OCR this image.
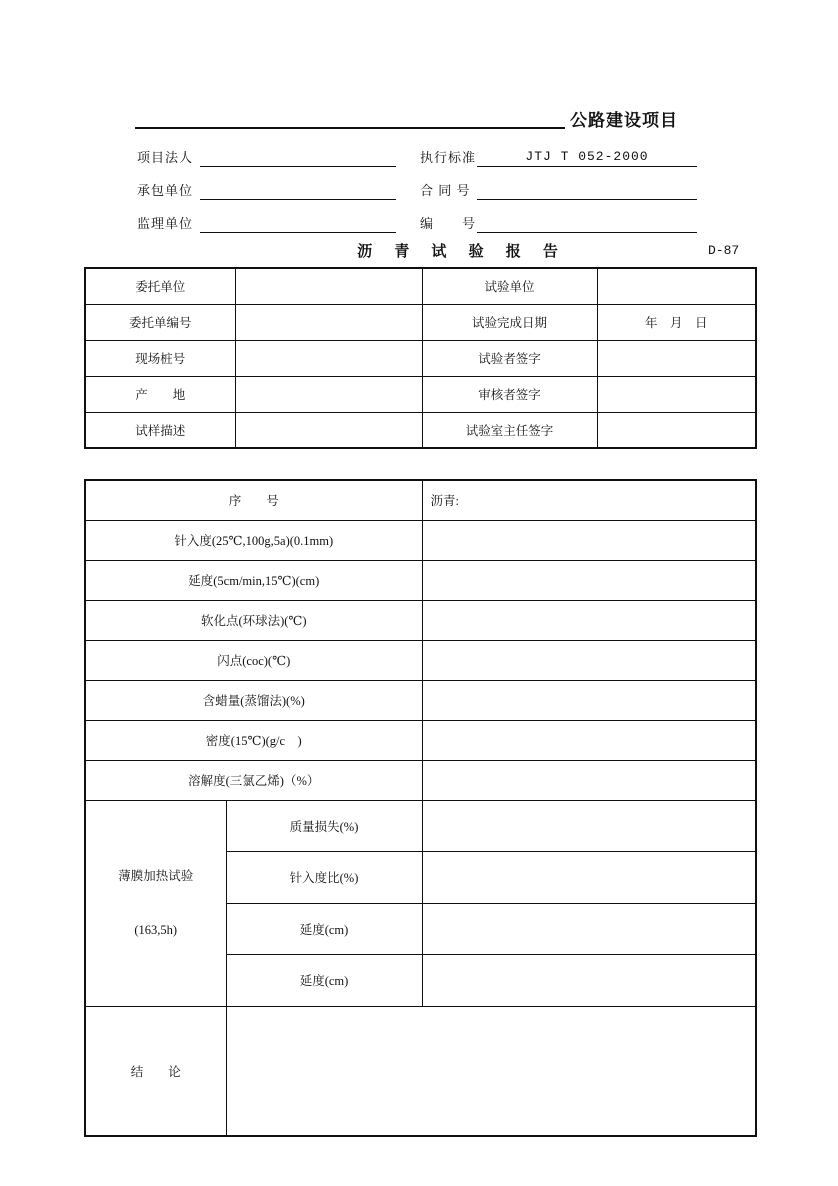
公路建设项目
项目法人	执行标准	JTJ T 052-2000
承包单位	合 同 号
监理单位	编　　号
沥 青 试 验 报 告	D-87
委托单位		试验单位	
委托单编号		试验完成日期	年　月　日
现场桩号		试验者签字	
产　　地		审核者签字	
试样描述		试验室主任签字	
序　　号		沥青:
针入度(25℃,100g,5a)(0.1mm)		
延度(5cm/min,15℃)(cm)		
软化点(环球法)(℃)		
闪点(coc)(℃)		
含蜡量(蒸馏法)(%)		
密度(15℃)(g/c　)		
溶解度(三氯乙烯)（%）		

薄膜加热试验

(163,5h)	质量损失(%)	
	针入度比(%)	
	延度(cm)	
	延度(cm)	
结　　论		
